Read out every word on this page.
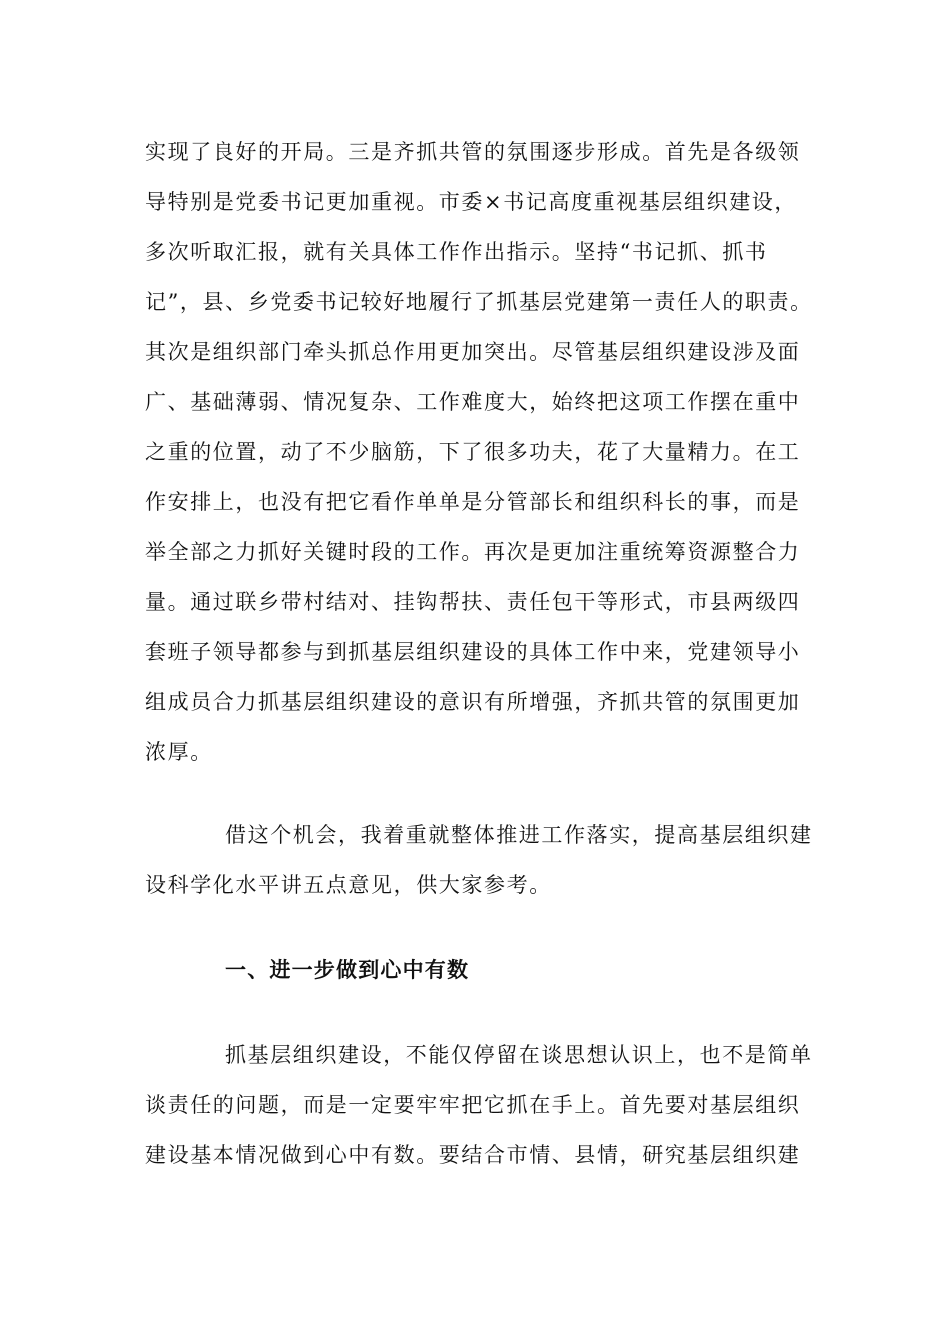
实现了良好的开局。三是齐抓共管的氛围逐步形成。首先是各级领
导特别是党委书记更加重视。市委×书记高度重视基层组织建设，
多次听取汇报，就有关具体工作作出指示。坚持“书记抓、抓书
记”，县、乡党委书记较好地履行了抓基层党建第一责任人的职责。
其次是组织部门牵头抓总作用更加突出。尽管基层组织建设涉及面
广、基础薄弱、情况复杂、工作难度大，始终把这项工作摆在重中
之重的位置，动了不少脑筋，下了很多功夫，花了大量精力。在工
作安排上，也没有把它看作单单是分管部长和组织科长的事，而是
举全部之力抓好关键时段的工作。再次是更加注重统筹资源整合力
量。通过联乡带村结对、挂钩帮扶、责任包干等形式，市县两级四
套班子领导都参与到抓基层组织建设的具体工作中来，党建领导小
组成员合力抓基层组织建设的意识有所增强，齐抓共管的氛围更加
浓厚。
借这个机会，我着重就整体推进工作落实，提高基层组织建
设科学化水平讲五点意见，供大家参考。
一、进一步做到心中有数
抓基层组织建设，不能仅停留在谈思想认识上，也不是简单
谈责任的问题，而是一定要牢牢把它抓在手上。首先要对基层组织
建设基本情况做到心中有数。要结合市情、县情，研究基层组织建
